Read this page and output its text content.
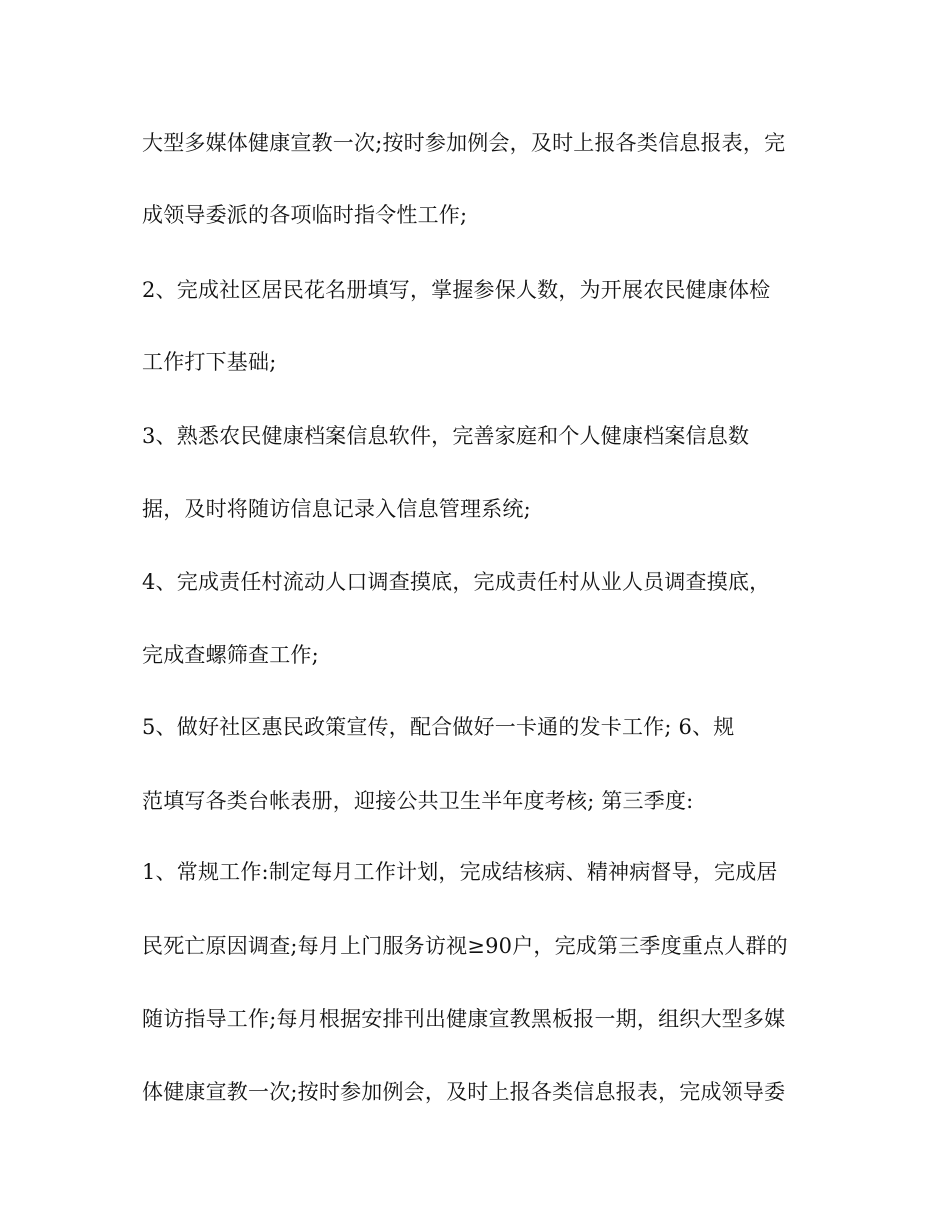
大型多媒体健康宣教一次;按时参加例会，及时上报各类信息报表，完
成领导委派的各项临时指令性工作;
2、完成社区居民花名册填写，掌握参保人数，为开展农民健康体检
工作打下基础;
3、熟悉农民健康档案信息软件，完善家庭和个人健康档案信息数
据，及时将随访信息记录入信息管理系统;
4、完成责任村流动人口调查摸底，完成责任村从业人员调查摸底，
完成查螺筛查工作;
5、做好社区惠民政策宣传，配合做好一卡通的发卡工作; 6、规
范填写各类台帐表册，迎接公共卫生半年度考核; 第三季度:
1、常规工作:制定每月工作计划，完成结核病、精神病督导，完成居
民死亡原因调查;每月上门服务访视≥90户，完成第三季度重点人群的
随访指导工作;每月根据安排刊出健康宣教黑板报一期，组织大型多媒
体健康宣教一次;按时参加例会，及时上报各类信息报表，完成领导委
